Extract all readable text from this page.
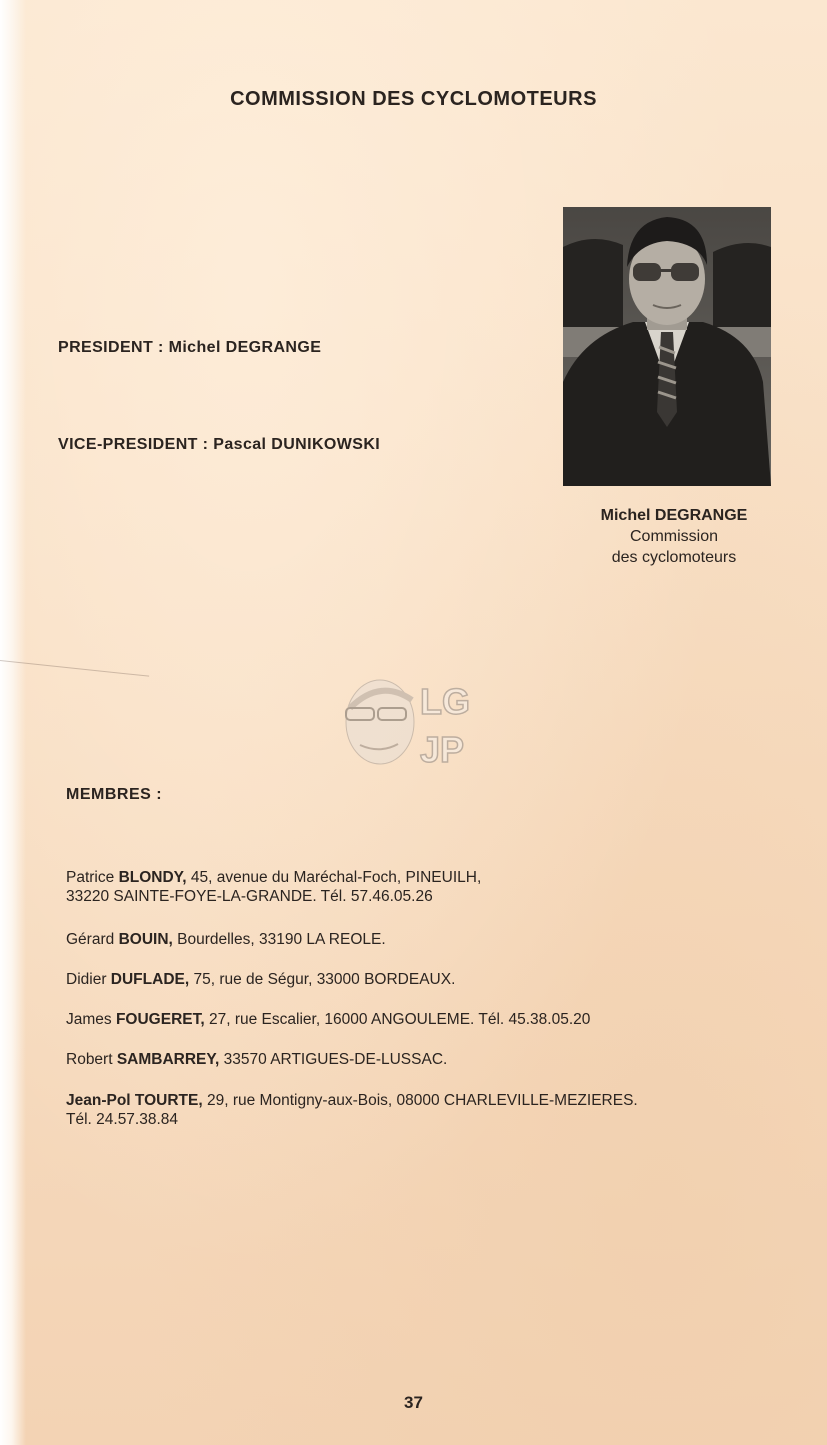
COMMISSION DES CYCLOMOTEURS
PRESIDENT : Michel DEGRANGE
VICE-PRESIDENT : Pascal DUNIKOWSKI
Michel DEGRANGE
Commission
des cyclomoteurs
LG
JP
MEMBRES :
Patrice BLONDY, 45, avenue du Maréchal-Foch, PINEUILH,
33220 SAINTE-FOYE-LA-GRANDE. Tél. 57.46.05.26
Gérard BOUIN, Bourdelles, 33190 LA REOLE.
Didier DUFLADE, 75, rue de Ségur, 33000 BORDEAUX.
James FOUGERET, 27, rue Escalier, 16000 ANGOULEME. Tél. 45.38.05.20
Robert SAMBARREY, 33570 ARTIGUES-DE-LUSSAC.
Jean-Pol TOURTE, 29, rue Montigny-aux-Bois, 08000 CHARLEVILLE-MEZIERES.
Tél. 24.57.38.84
37
